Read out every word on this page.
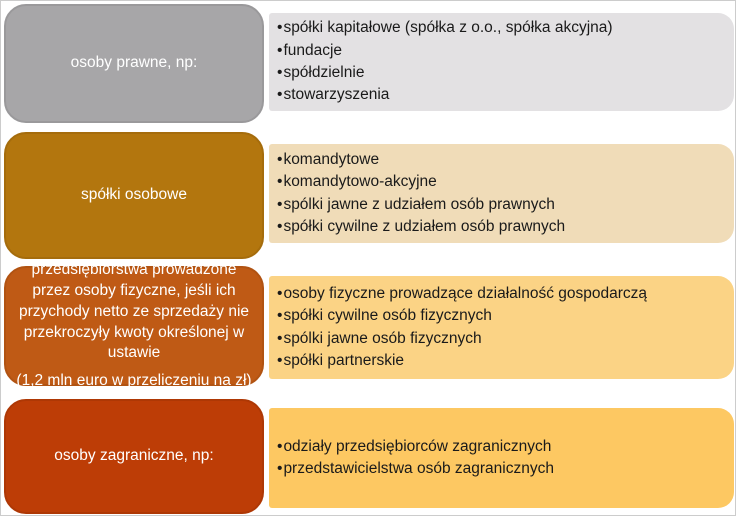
osoby prawne, np:
•spółki kapitałowe (spółka z o.o., spółka akcyjna)
•fundacje
•spółdzielnie
•stowarzyszenia
spółki osobowe
•komandytowe
•komandytowo-akcyjne
•spólki jawne z udziałem osób prawnych
•spółki cywilne z udziałem osób prawnych
przedsiębiorstwa prowadzone przez osoby fizyczne, jeśli ich przychody netto ze sprzedaży nie przekroczyły kwoty określonej w ustawie
(1,2 mln euro w przeliczeniu na zł)
•osoby fizyczne prowadzące działalność gospodarczą
•spółki cywilne osób fizycznych
•spólki jawne osób fizycznych
•spółki partnerskie
osoby zagraniczne, np:
•odziały przedsiębiorców zagranicznych
•przedstawicielstwa osób zagranicznych
